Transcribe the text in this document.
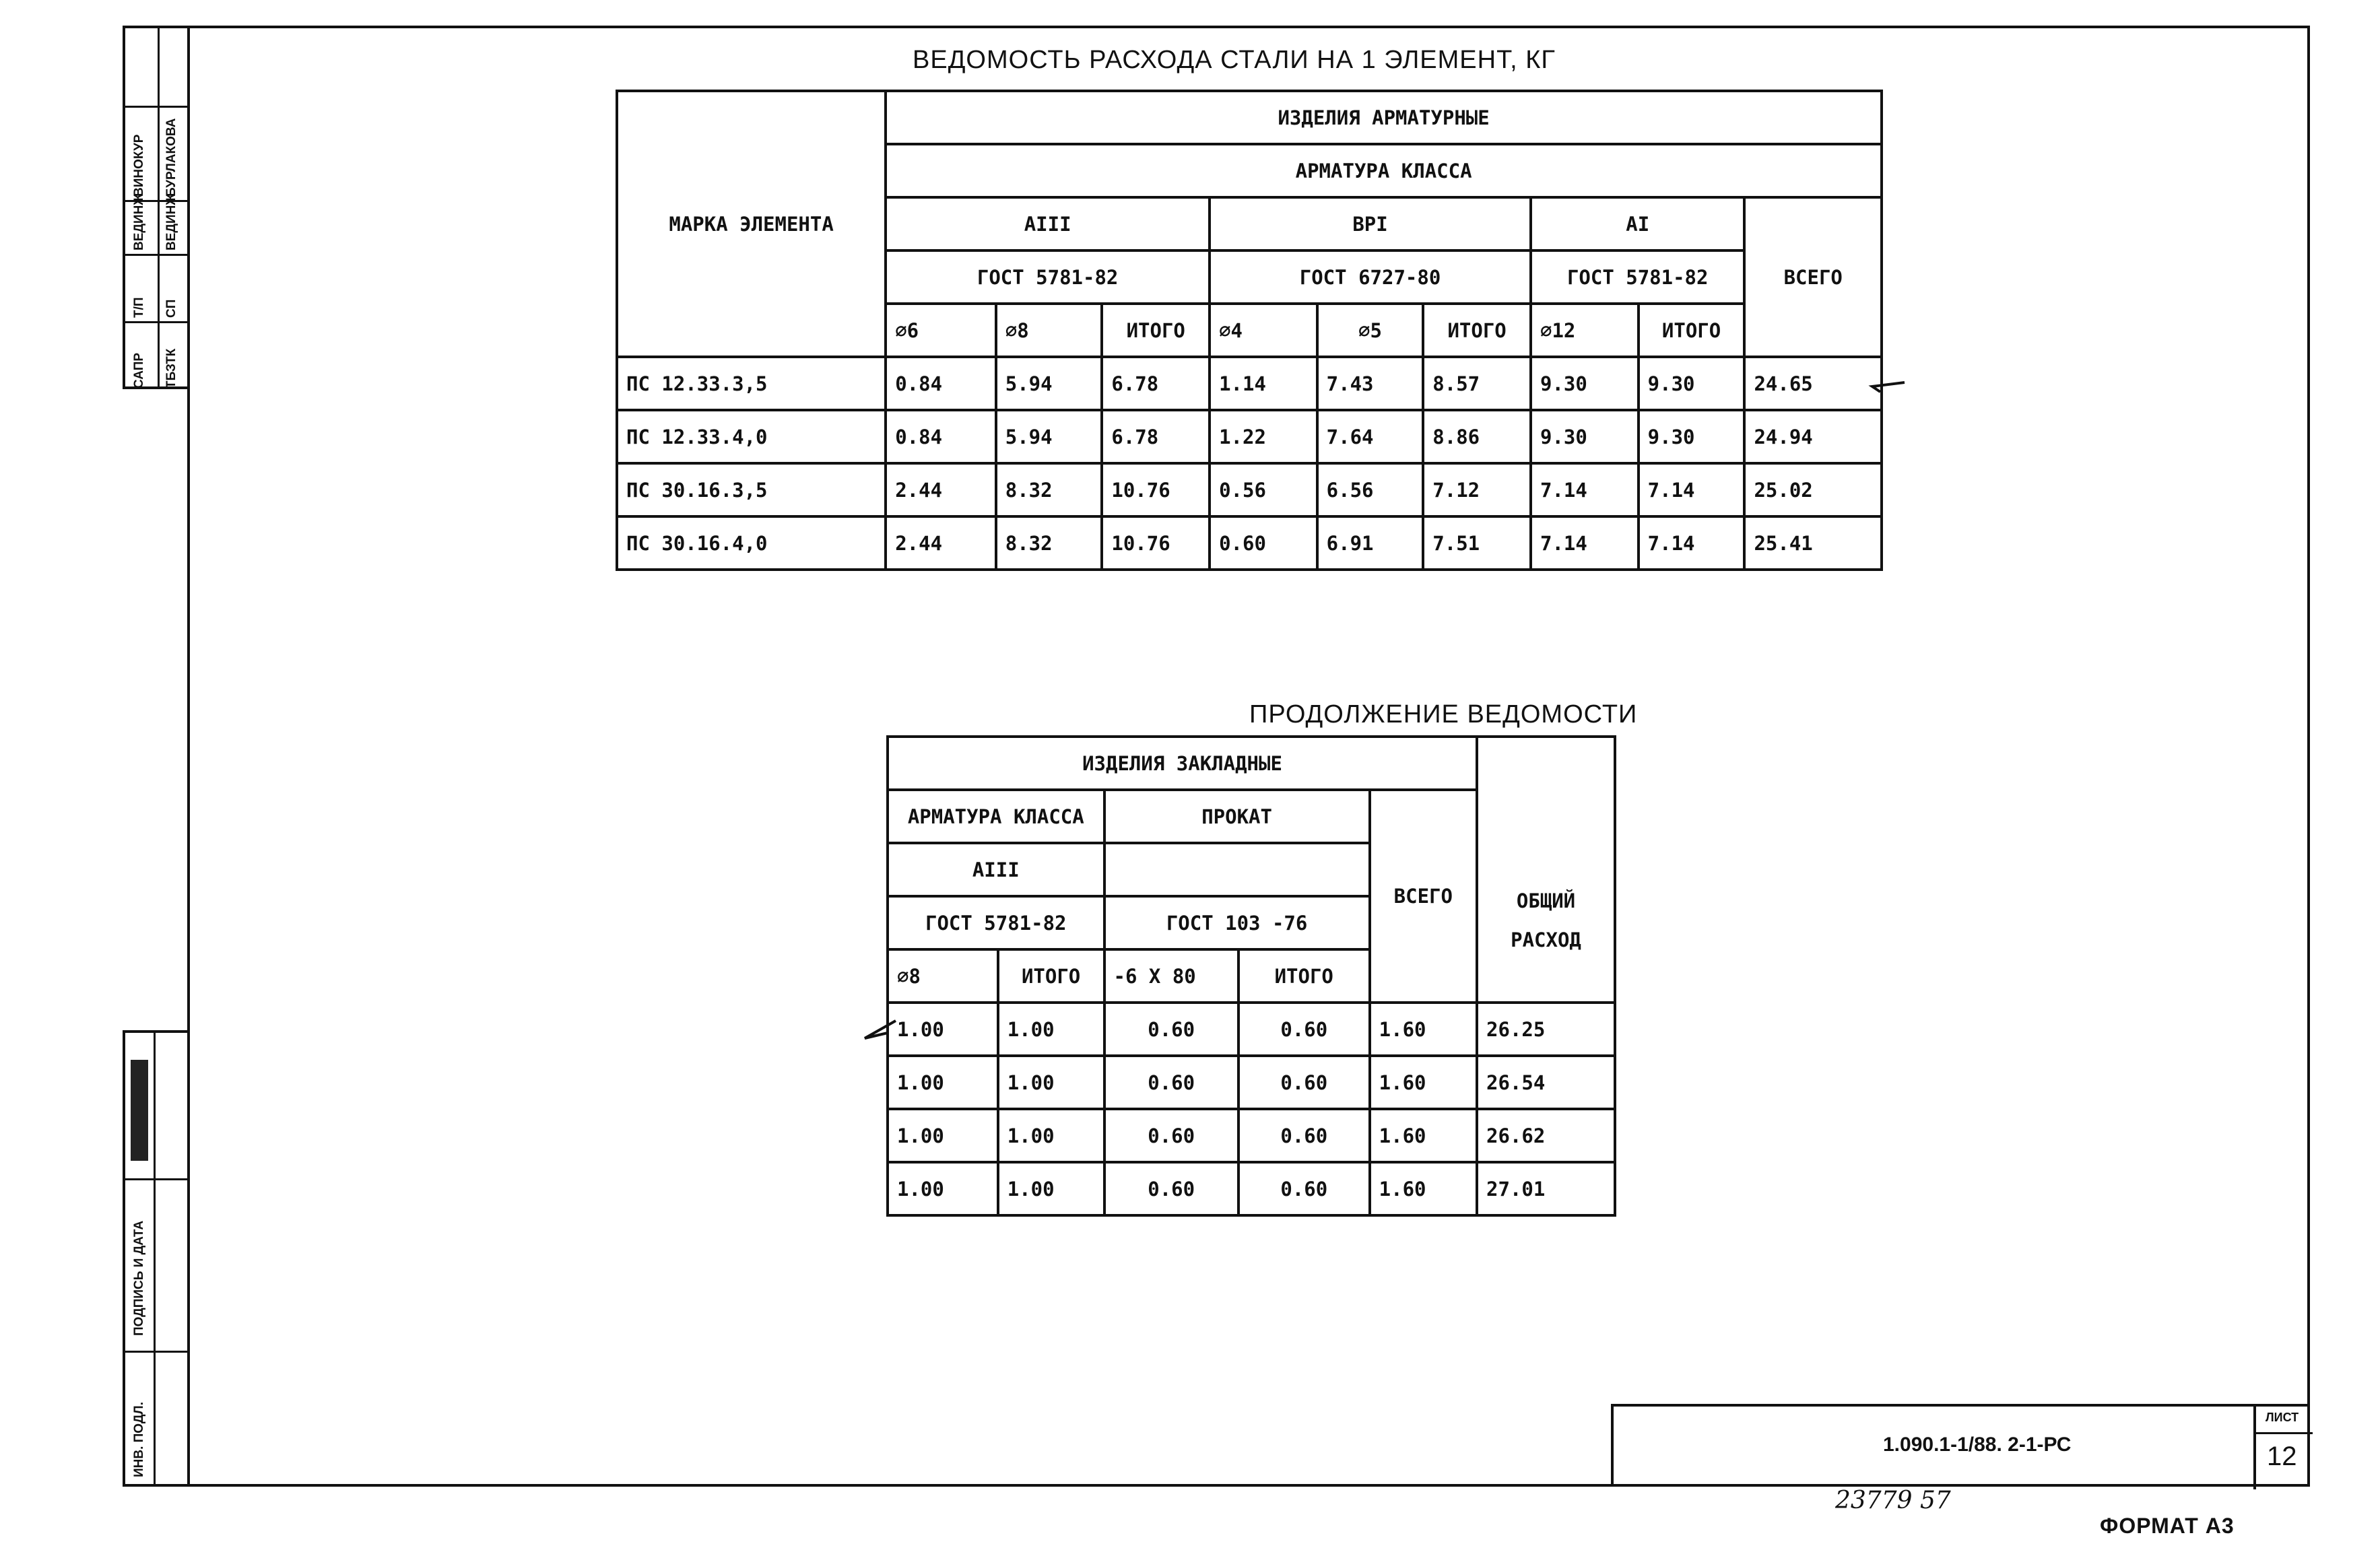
САПР
Т/П
ВЕДИНЖ
ВИНОКУР
ТБЗТК
СП
ВЕДИНЖ
БУРЛАКОВА
ПОДПИСЬ И ДАТА
ИНВ. ПОДЛ.
ВЕДОМОСТЬ РАСХОДА СТАЛИ НА 1 ЭЛЕМЕНТ, КГ
МАРКА ЭЛЕМЕНТА	ИЗДЕЛИЯ АРМАТУРНЫЕ								
	АРМАТУРА КЛАССА								
	АIII			ВРI			АI		ВСЕГО
	ГОСТ 5781-82			ГОСТ 6727-80			ГОСТ 5781-82		
	∅6	∅8	ИТОГО	∅4	∅5	ИТОГО	∅12	ИТОГО	
ПС 12.33.3,5	0.84	5.94	6.78	1.14	7.43	8.57	9.30	9.30	24.65
ПС 12.33.4,0	0.84	5.94	6.78	1.22	7.64	8.86	9.30	9.30	24.94
ПС 30.16.3,5	2.44	8.32	10.76	0.56	6.56	7.12	7.14	7.14	25.02
ПС 30.16.4,0	2.44	8.32	10.76	0.60	6.91	7.51	7.14	7.14	25.41
ПРОДОЛЖЕНИЕ ВЕДОМОСТИ
ИЗДЕЛИЯ ЗАКЛАДНЫЕ					ОБЩИЙ РАСХОД
АРМАТУРА КЛАССА		ПРОКАТ		ВСЕГО	
АIII					
ГОСТ 5781-82		ГОСТ 103 -76			
∅8	ИТОГО	-6 Х 80	ИТОГО		
1.00	1.00	0.60	0.60	1.60	26.25
1.00	1.00	0.60	0.60	1.60	26.54
1.00	1.00	0.60	0.60	1.60	26.62
1.00	1.00	0.60	0.60	1.60	27.01
1.090.1-1/88. 2-1-РС
ЛИСТ
12
23779 57
ФОРМАТ А3
